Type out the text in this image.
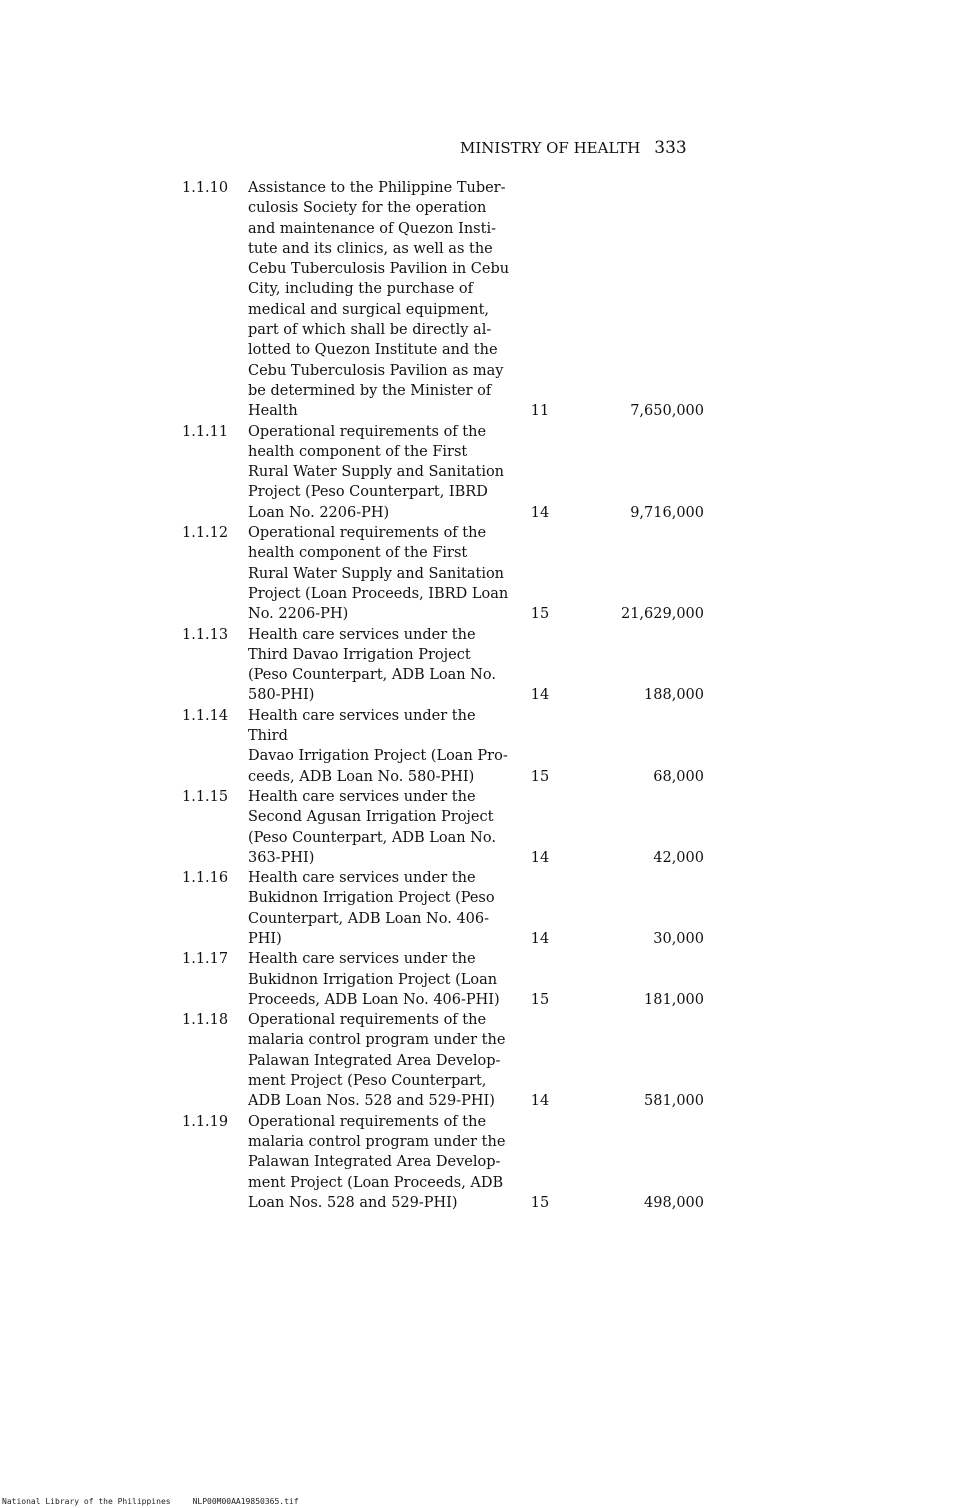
MINISTRY OF HEALTH 333
1.1.10	Assistance to the Philippine Tuber-
culosis Society for the operation
and maintenance of Quezon Insti-
tute and its clinics, as well as the
Cebu Tuberculosis Pavilion in Cebu
City, including the purchase of
medical and surgical equipment,
part of which shall be directly al-
lotted to Quezon Institute and the
Cebu Tuberculosis Pavilion as may
be determined by the Minister of
Health	11	7,650,000
1.1.11	Operational requirements of the
health component of the First
Rural Water Supply and Sanitation
Project (Peso Counterpart, IBRD
Loan No. 2206-PH)	14	9,716,000
1.1.12	Operational requirements of the
health component of the First
Rural Water Supply and Sanitation
Project (Loan Proceeds, IBRD Loan
No. 2206-PH)	15	21,629,000
1.1.13	Health care services under the
Third Davao Irrigation Project
(Peso Counterpart, ADB Loan No.
580-PHI)	14	188,000
1.1.14	Health care services under the Third
Davao Irrigation Project (Loan Pro-
ceeds, ADB Loan No. 580-PHI)	15	68,000
1.1.15	Health care services under the
Second Agusan Irrigation Project
(Peso Counterpart, ADB Loan No.
363-PHI)	14	42,000
1.1.16	Health care services under the
Bukidnon Irrigation Project (Peso
Counterpart, ADB Loan No. 406-
PHI)	14	30,000
1.1.17	Health care services under the
Bukidnon Irrigation Project (Loan
Proceeds, ADB Loan No. 406-PHI)	15	181,000
1.1.18	Operational requirements of the
malaria control program under the
Palawan Integrated Area Develop-
ment Project (Peso Counterpart,
ADB Loan Nos. 528 and 529-PHI)	14	581,000
1.1.19	Operational requirements of the
malaria control program under the
Palawan Integrated Area Develop-
ment Project (Loan Proceeds, ADB
Loan Nos. 528 and 529-PHI)	15	498,000
National Library of the Philippines	NLP00M00AA19850365.tif
